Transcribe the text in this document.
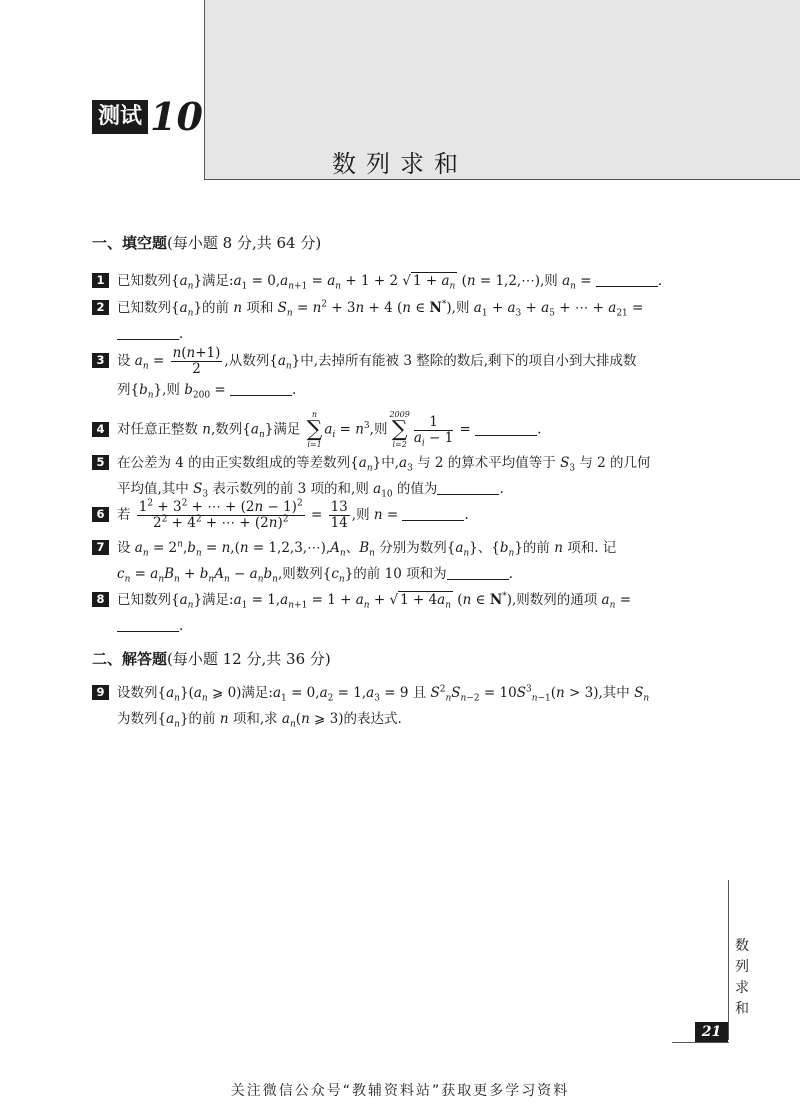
测试 10
数列求和
一、填空题(每小题 8 分,共 64 分)
1 已知数列$\{a_n\}$满足$:a_1 = 0,a_{n+1} = a_n + 1 + 2$ √ $1 + a_n$ (n = 1,2,⋯),则 $a_n$ =	.
2 已知数列$\{a_n\}$的前 n 项和 $S_n = n^2 + 3n + 4$ (n ∈ N*),则 $a_1 + a_3 + a_5$ + ⋯ + $a_{21}$ =
.
3 设 $a_n = \frac{n(n+1)}{2}$ ,从数列$\{a_n\}$中,去掉所有能被 3 整除的数后,剩下的项自小到大排成数
列$\{b_n\}$,则 $b_{200}$ =	.
4 对任意正整数 n,数列$\{a_n\}$满足
n
∑
i=1
$a_i = n^3$,则
2009
∑
$i=2 \frac{1}{a_i - 1}$ =	.
5 在公差为 4 的由正实数组成的等差数列$\{a_n\}$中$,a_3$ 与 2 的算术平均值等于 $S_3$ 与 2 的几何
平均值,其中 $S_3$ 表示数列的前 3 项的和,则 $a_{10}$ 的值为	.
6 若 $\frac{1^2 + 3^2 + \cdots + (2n - 1)^2}{2^2 + 4^2 + \cdots + (2n)^2} = \frac{13}{14}$ ,则 n =	.
7 设 $a_n = 2^n,b_n = n,(n$ = $1,2,3,\cdots),A_n$、$B_n$ 分别为数列$\{a_n\}$、$\{b_n\}$的前 n 项和. 记
$c_n = a_nB_n + b_nA_n - a_nb_n$,则数列$\{c_n\}$的前 10 项和为	.
8 已知数列$\{a_n\}$满足$:a_1 = 1,a_{n+1} = 1 + a_n$ + √ $1 + 4a_n$ (n ∈ N*),则数列的通项 $a_n$ =
.
二、解答题(每小题 12 分,共 36 分)
9 设数列$\{a_n\}(a_n$ ⩾ 0)满足$:a_1 = 0,a_2 = 1,a_3 = 9$ 且 $S^2_nS_{n-2} = 10S^3_{n-1}(n > 3)$,其中 $S_n$
为数列$\{a_n\}$的前 n 项和,求 $a_n(n$ ⩾ 3)的表达式.
数列求和
21
关注微信公众号“教辅资料站”获取更多学习资料
